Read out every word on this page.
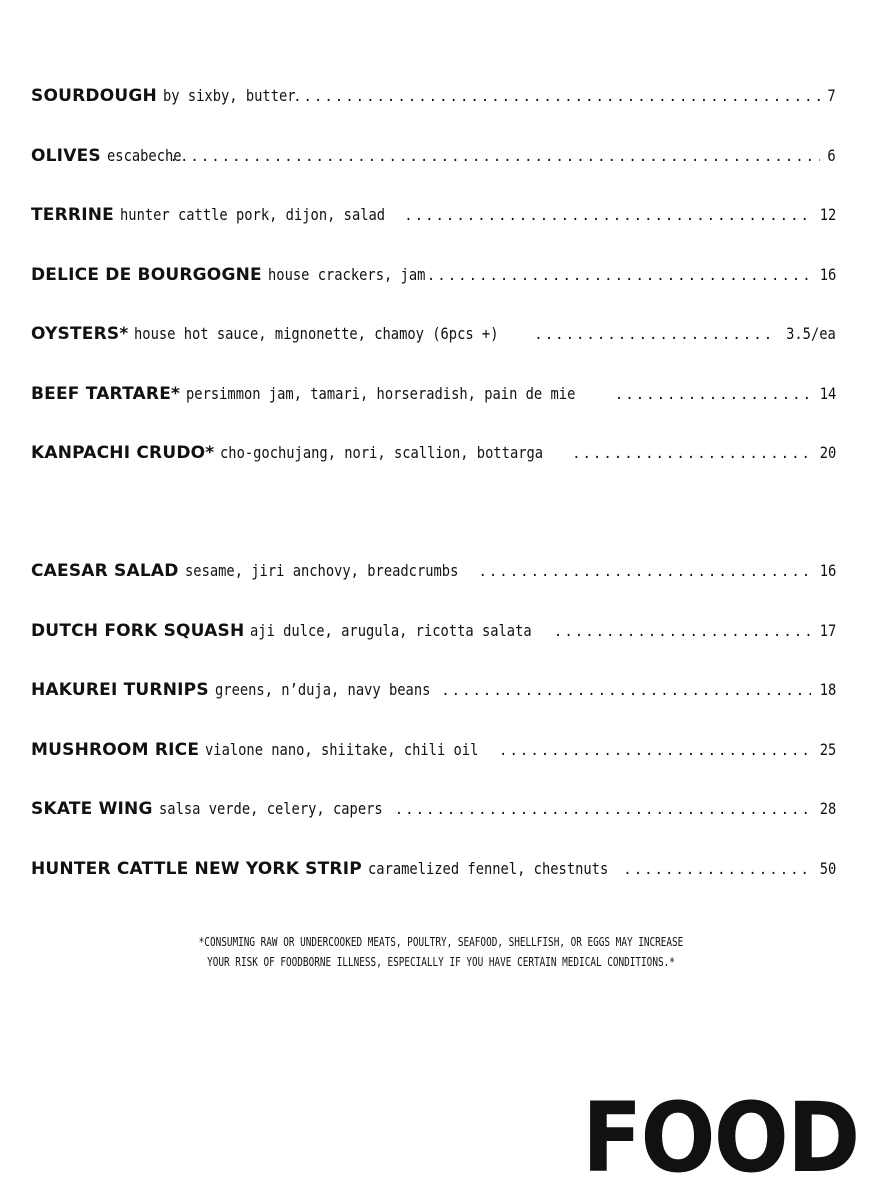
SOURDOUGH by sixby, butter .....	7
OLIVES escabeche .....	6
TERRINE hunter cattle pork, dijon, salad .....	12
DELICE DE BOURGOGNE house crackers, jam .....	16
OYSTERS* house hot sauce, mignonette, chamoy (6pcs +) .....	3.5/ea
BEEF TARTARE* persimmon jam, tamari, horseradish, pain de mie .....	14
KANPACHI CRUDO* cho-gochujang, nori, scallion, bottarga .....	20
CAESAR SALAD sesame, jiri anchovy, breadcrumbs .....	16
DUTCH FORK SQUASH aji dulce, arugula, ricotta salata .....	17
HAKUREI TURNIPS greens, n’duja, navy beans .....	18
MUSHROOM RICE vialone nano, shiitake, chili oil .....	25
SKATE WING salsa verde, celery, capers .....	28
HUNTER CATTLE NEW YORK STRIP caramelized fennel, chestnuts .....	50
*CONSUMING RAW OR UNDERCOOKED MEATS, POULTRY, SEAFOOD, SHELLFISH, OR EGGS MAY INCREASE
YOUR RISK OF FOODBORNE ILLNESS, ESPECIALLY IF YOU HAVE CERTAIN MEDICAL CONDITIONS.*
FOOD
